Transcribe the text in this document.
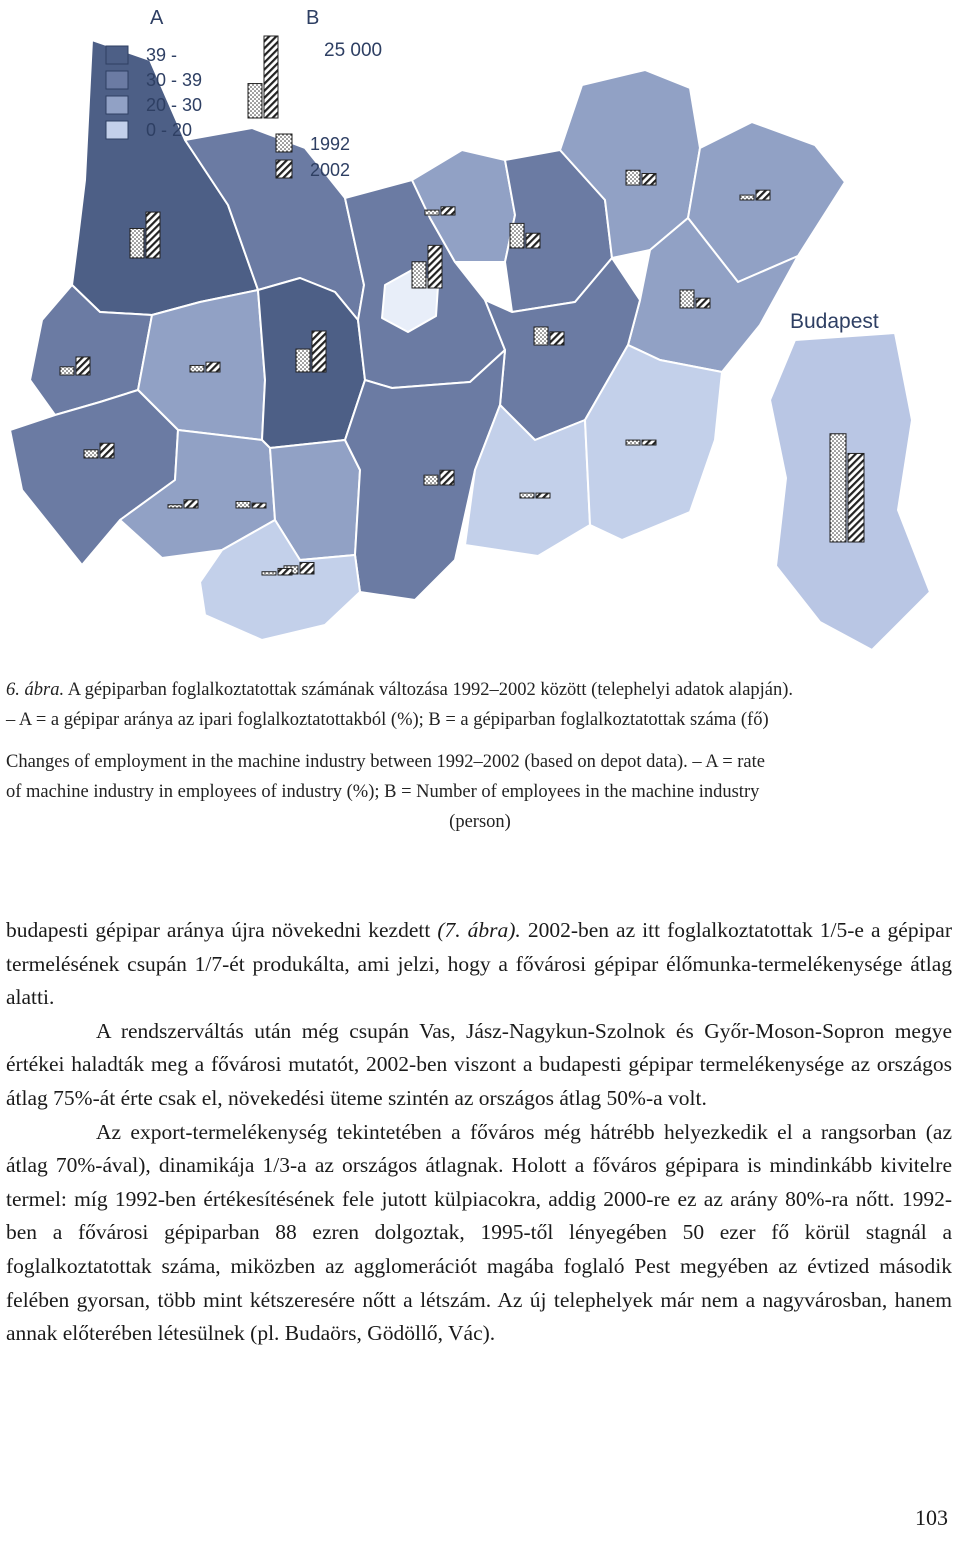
Budapest
A	B
25 000
39 -
30 - 39
20 - 30
0 - 20
1992
2002
6. ábra. A gépiparban foglalkoztatottak számának változása 1992–2002 között (telephelyi adatok alapján).
– A = a gépipar aránya az ipari foglalkoztatottakból (%); B = a gépiparban foglalkoztatottak száma (fő)
Changes of employment in the machine industry between 1992–2002 (based on depot data). – A = rate
of machine industry in employees of industry (%); B = Number of employees in the machine industry
(person)

budapesti gépipar aránya újra növekedni kezdett (7. ábra). 2002-ben az itt foglalkoztatottak 1/5-e a gépipar termelésének csupán 1/7-ét produkálta, ami jelzi, hogy a fővárosi gépipar élőmunka-termelékenysége átlag alatti.

A rendszerváltás után még csupán Vas, Jász-Nagykun-Szolnok és Győr-Moson-Sopron megye értékei haladták meg a fővárosi mutatót, 2002-ben viszont a budapesti gépipar termelékenysége az országos átlag 75%-át érte csak el, növekedési üteme szintén az országos átlag 50%-a volt.

Az export-termelékenység tekintetében a főváros még hátrébb helyezkedik el a rangsorban (az átlag 70%-ával), dinamikája 1/3-a az országos átlagnak. Holott a főváros gépipara is mindinkább kivitelre termel: míg 1992-ben értékesítésének fele jutott külpiacokra, addig 2000-re ez az arány 80%-ra nőtt. 1992-ben a fővárosi gépiparban 88 ezren dolgoztak, 1995-től lényegében 50 ezer fő körül stagnál a foglalkoztatottak száma, miközben az agglomerációt magába foglaló Pest megyében az évtized második felében gyorsan, több mint kétszeresére nőtt a létszám. Az új telephelyek már nem a nagyvárosban, hanem annak előterében létesülnek (pl. Budaörs, Gödöllő, Vác).

103
